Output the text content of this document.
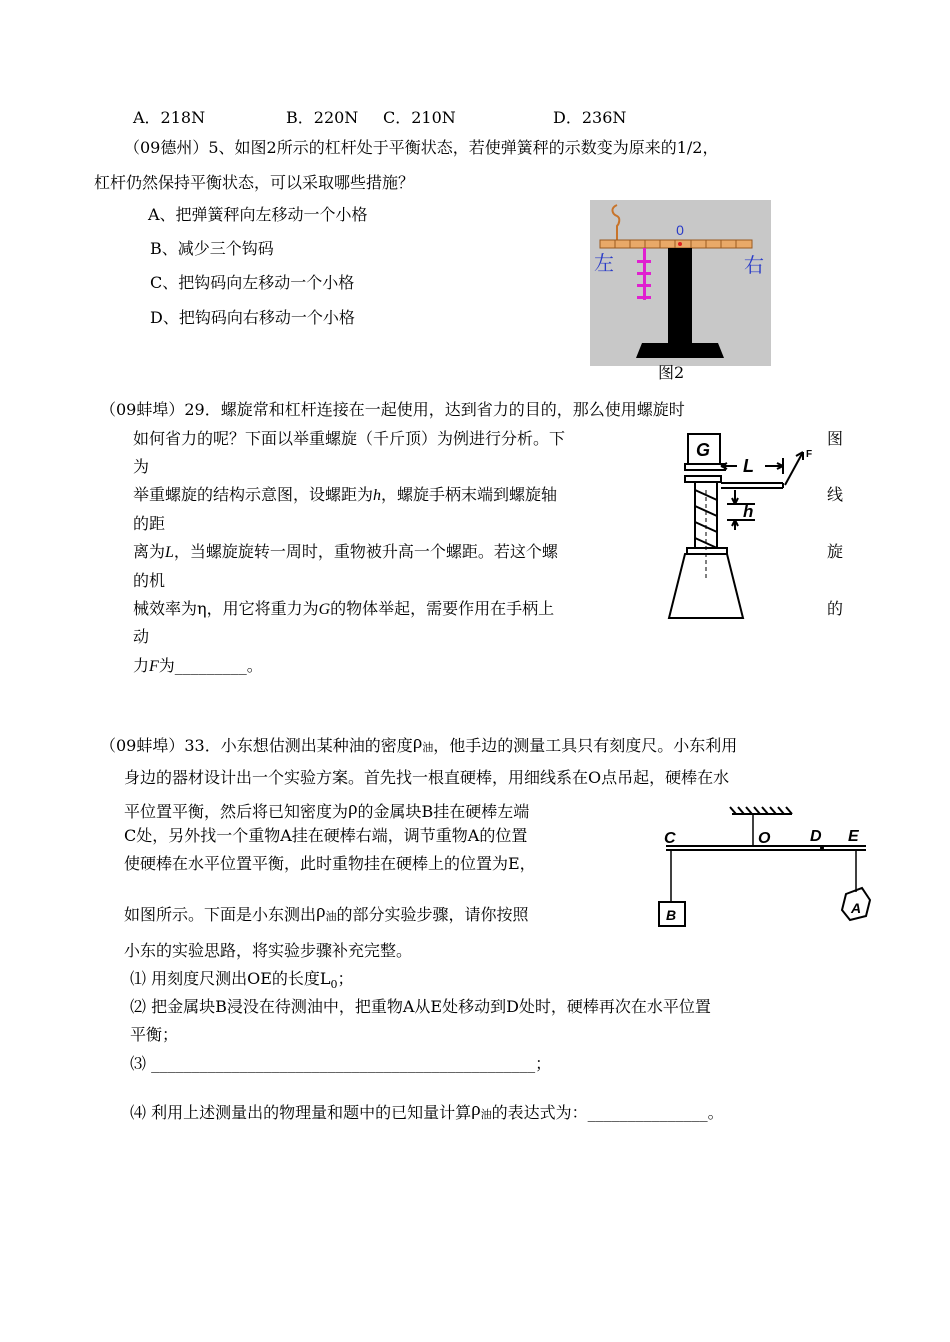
A．218N	B．220N C．210N	D．236N
（09德州）5、如图2所示的杠杆处于平衡状态，若使弹簧秤的示数变为原来的1/2，
杠杆仍然保持平衡状态，可以采取哪些措施？
A、把弹簧秤向左移动一个小格
B、减少三个钩码
C、把钩码向左移动一个小格
D、把钩码向右移动一个小格
0
左	右
图2
（09蚌埠）29．螺旋常和杠杆连接在一起使用，达到省力的目的，那么使用螺旋时
如何省力的呢？下面以举重螺旋（千斤顶）为例进行分析。下	图
为
举重螺旋的结构示意图，设螺距为h，螺旋手柄末端到螺旋轴	线
的距
离为L，当螺旋旋转一周时，重物被升高一个螺距。若这个螺	旋
的机
械效率为η，用它将重力为G的物体举起，需要作用在手柄上	的
动
力F为_________。
G
L
F
h
（09蚌埠）33．小东想估测出某种油的密度ρ油，他手边的测量工具只有刻度尺。小东利用
身边的器材设计出一个实验方案。首先找一根直硬棒，用细线系在O点吊起，硬棒在水
平位置平衡，然后将已知密度为ρ的金属块B挂在硬棒左端
C处，另外找一个重物A挂在硬棒右端，调节重物A的位置
使硬棒在水平位置平衡，此时重物挂在硬棒上的位置为E，
如图所示。下面是小东测出ρ油的部分实验步骤，请你按照
小东的实验思路，将实验步骤补充完整。
⑴ 用刻度尺测出OE的长度$L_0$；
⑵ 把金属块B浸没在待测油中，把重物A从E处移动到D处时，硬棒再次在水平位置
平衡；
⑶ ________________________________________________；
⑷ 利用上述测量出的物理量和题中的已知量计算ρ油的表达式为：_______________。
C	O D E
B	A
